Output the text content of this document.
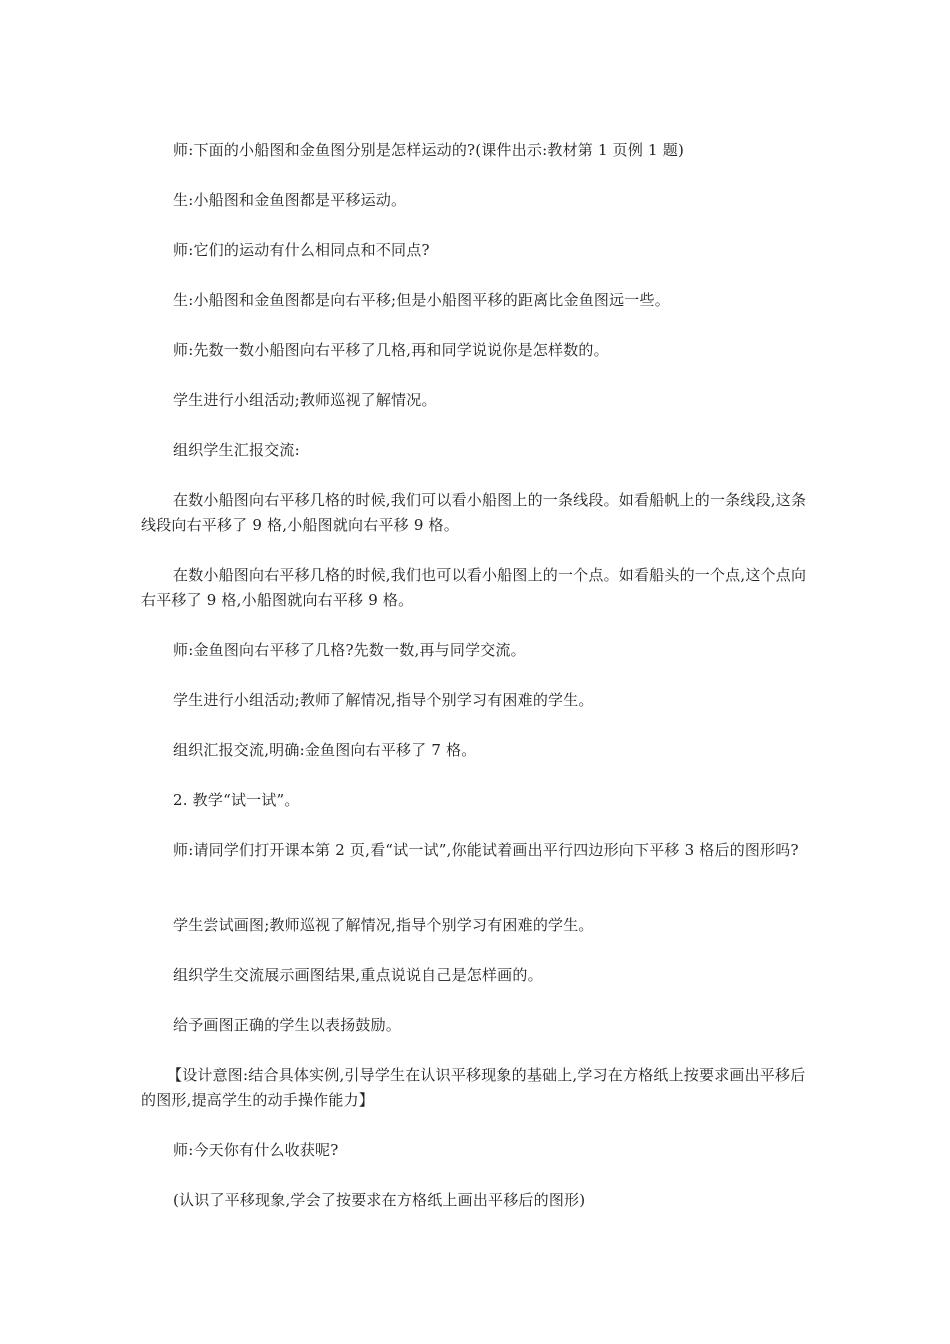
师:下面的小船图和金鱼图分别是怎样运动的?(课件出示:教材第 1 页例 1 题)

生:小船图和金鱼图都是平移运动。

师:它们的运动有什么相同点和不同点?

生:小船图和金鱼图都是向右平移;但是小船图平移的距离比金鱼图远一些。

师:先数一数小船图向右平移了几格,再和同学说说你是怎样数的。

学生进行小组活动;教师巡视了解情况。

组织学生汇报交流:

在数小船图向右平移几格的时候,我们可以看小船图上的一条线段。如看船帆上的一条线段,这条线段向右平移了 9 格,小船图就向右平移 9 格。

在数小船图向右平移几格的时候,我们也可以看小船图上的一个点。如看船头的一个点,这个点向右平移了 9 格,小船图就向右平移 9 格。

师:金鱼图向右平移了几格?先数一数,再与同学交流。

学生进行小组活动;教师了解情况,指导个别学习有困难的学生。

组织汇报交流,明确:金鱼图向右平移了 7 格。

2. 教学“试一试”。

师:请同学们打开课本第 2 页,看“试一试”,你能试着画出平行四边形向下平移 3 格后的图形吗?

学生尝试画图;教师巡视了解情况,指导个别学习有困难的学生。

组织学生交流展示画图结果,重点说说自己是怎样画的。

给予画图正确的学生以表扬鼓励。

【设计意图:结合具体实例,引导学生在认识平移现象的基础上,学习在方格纸上按要求画出平移后的图形,提高学生的动手操作能力】

师:今天你有什么收获呢?

(认识了平移现象,学会了按要求在方格纸上画出平移后的图形)
